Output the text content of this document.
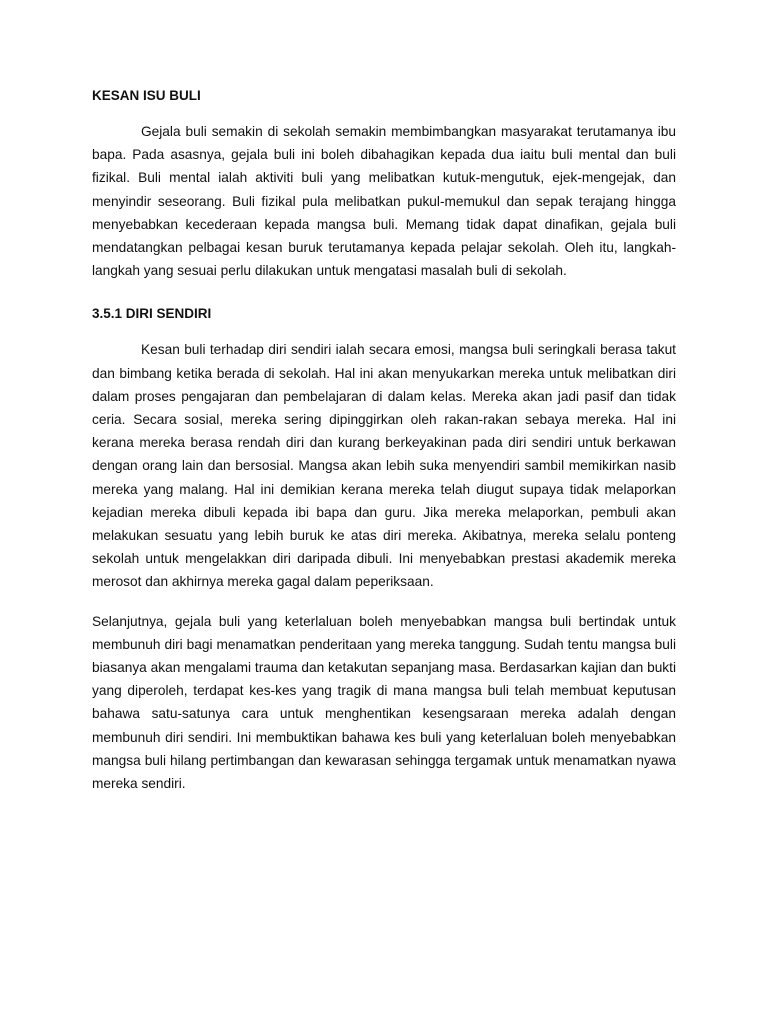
KESAN ISU BULI

Gejala buli semakin di sekolah semakin membimbangkan masyarakat terutamanya ibu bapa. Pada asasnya, gejala buli ini boleh dibahagikan kepada dua iaitu buli mental dan buli fizikal. Buli mental ialah aktiviti buli yang melibatkan kutuk-mengutuk, ejek-mengejak, dan menyindir seseorang. Buli fizikal pula melibatkan pukul-memukul dan sepak terajang hingga menyebabkan kecederaan kepada mangsa buli. Memang tidak dapat dinafikan, gejala buli mendatangkan pelbagai kesan buruk terutamanya kepada pelajar sekolah. Oleh itu, langkah-langkah yang sesuai perlu dilakukan untuk mengatasi masalah buli di sekolah.

3.5.1 DIRI SENDIRI

Kesan buli terhadap diri sendiri ialah secara emosi, mangsa buli seringkali berasa takut dan bimbang ketika berada di sekolah. Hal ini akan menyukarkan mereka untuk melibatkan diri dalam proses pengajaran dan pembelajaran di dalam kelas. Mereka akan jadi pasif dan tidak ceria. Secara sosial, mereka sering dipinggirkan oleh rakan-rakan sebaya mereka. Hal ini kerana mereka berasa rendah diri dan kurang berkeyakinan pada diri sendiri untuk berkawan dengan orang lain dan bersosial. Mangsa akan lebih suka menyendiri sambil memikirkan nasib mereka yang malang. Hal ini demikian kerana mereka telah diugut supaya tidak melaporkan kejadian mereka dibuli kepada ibi bapa dan guru. Jika mereka melaporkan, pembuli akan melakukan sesuatu yang lebih buruk ke atas diri mereka. Akibatnya, mereka selalu ponteng sekolah untuk mengelakkan diri daripada dibuli. Ini menyebabkan prestasi akademik mereka merosot dan akhirnya mereka gagal dalam peperiksaan.

Selanjutnya, gejala buli yang keterlaluan boleh menyebabkan mangsa buli bertindak untuk membunuh diri bagi menamatkan penderitaan yang mereka tanggung. Sudah tentu mangsa buli biasanya akan mengalami trauma dan ketakutan sepanjang masa. Berdasarkan kajian dan bukti yang diperoleh, terdapat kes-kes yang tragik di mana mangsa buli telah membuat keputusan bahawa satu-satunya cara untuk menghentikan kesengsaraan mereka adalah dengan membunuh diri sendiri. Ini membuktikan bahawa kes buli yang keterlaluan boleh menyebabkan mangsa buli hilang pertimbangan dan kewarasan sehingga tergamak untuk menamatkan nyawa mereka sendiri.
